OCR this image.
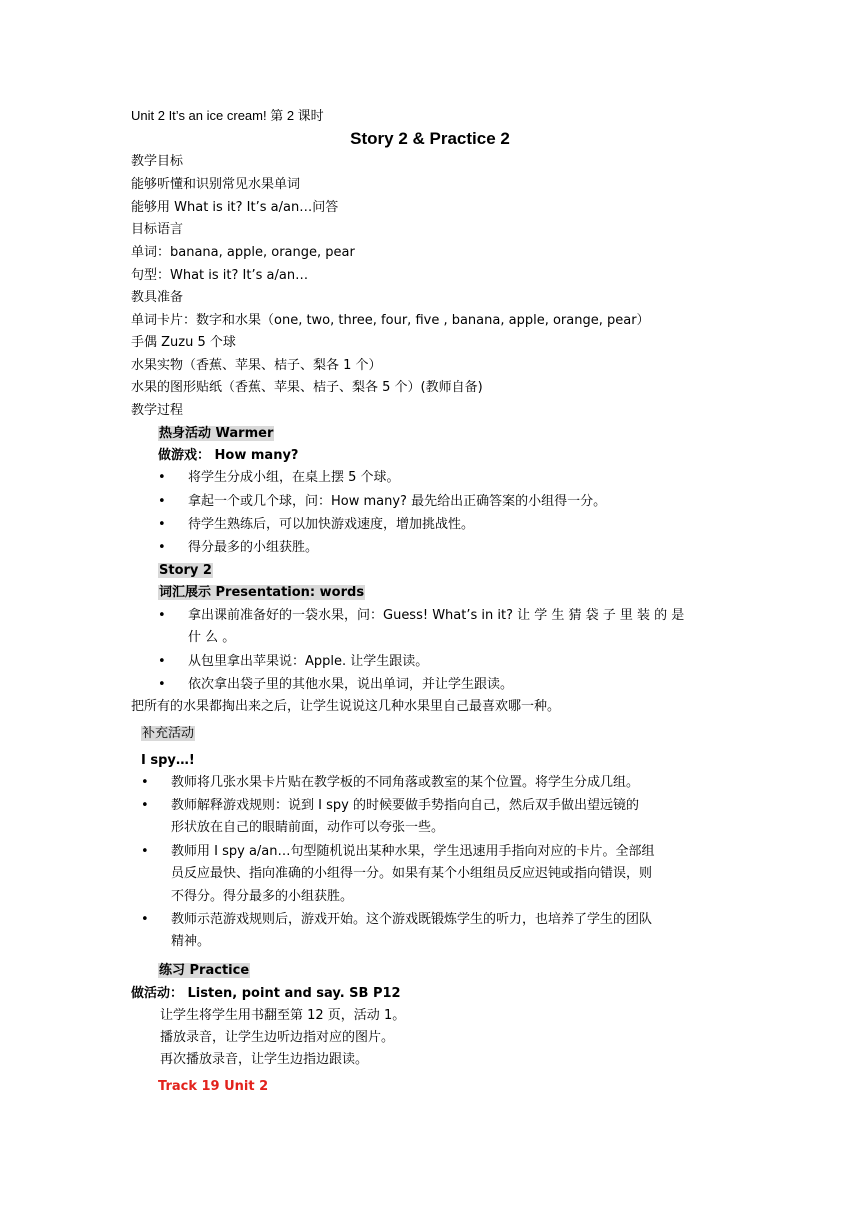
Unit 2 It’s an ice cream! 第 2 课时
Story 2 & Practice 2
教学目标
能够听懂和识别常见水果单词
能够用 What is it? It’s a/an…问答
目标语言
单词：banana, apple, orange, pear
句型：What is it? It’s a/an…
教具准备
单词卡片：数字和水果（one, two, three, four, five , banana, apple, orange, pear）
手偶 Zuzu 5 个球
水果实物（香蕉、苹果、桔子、梨各 1 个）
水果的图形贴纸（香蕉、苹果、桔子、梨各 5 个）(教师自备)
教学过程
热身活动 Warmer
做游戏： How many?
• 将学生分成小组，在桌上摆 5 个球。
• 拿起一个或几个球，问：How many? 最先给出正确答案的小组得一分。
• 待学生熟练后，可以加快游戏速度，增加挑战性。
• 得分最多的小组获胜。
Story 2
词汇展示 Presentation: words
• 拿出课前准备好的一袋水果，问：Guess! What’s in it? 让 学 生 猜 袋 子 里 装 的 是
什 么 。
• 从包里拿出苹果说：Apple. 让学生跟读。
• 依次拿出袋子里的其他水果，说出单词，并让学生跟读。
把所有的水果都掏出来之后，让学生说说这几种水果里自己最喜欢哪一种。
补充活动
I spy…!
• 教师将几张水果卡片贴在教学板的不同角落或教室的某个位置。将学生分成几组。
• 教师解释游戏规则：说到 I spy 的时候要做手势指向自己，然后双手做出望远镜的
形状放在自己的眼睛前面，动作可以夸张一些。
• 教师用 I spy a/an…句型随机说出某种水果，学生迅速用手指向对应的卡片。全部组
员反应最快、指向准确的小组得一分。如果有某个小组组员反应迟钝或指向错误，则
不得分。得分最多的小组获胜。
• 教师示范游戏规则后，游戏开始。这个游戏既锻炼学生的听力，也培养了学生的团队
精神。
练习 Practice
做活动： Listen, point and say. SB P12
让学生将学生用书翻至第 12 页，活动 1。
播放录音，让学生边听边指对应的图片。
再次播放录音，让学生边指边跟读。
Track 19 Unit 2
